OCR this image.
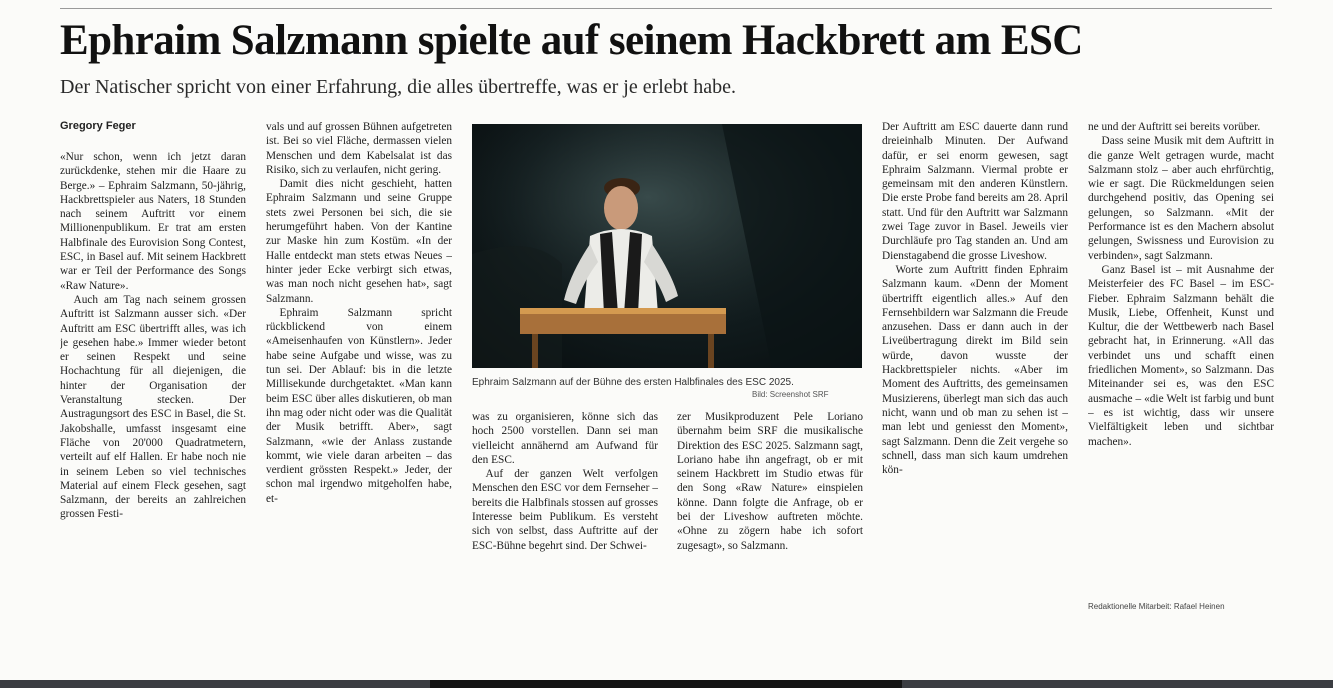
Ephraim Salzmann spielte auf seinem Hackbrett am ESC

Der Natischer spricht von einer Erfahrung, die alles übertreffe, was er je erlebt habe.

Gregory Feger

«Nur schon, wenn ich jetzt daran zurückdenke, stehen mir die Haare zu Berge.» – Ephraim Salzmann, 50-jährig, Hackbrettspieler aus Naters, 18 Stunden nach seinem Auftritt vor einem Millionenpublikum. Er trat am ersten Halbfinale des Eurovision Song Contest, ESC, in Basel auf. Mit seinem Hackbrett war er Teil der Performance des Songs «Raw Nature».

Auch am Tag nach seinem grossen Auftritt ist Salzmann ausser sich. «Der Auftritt am ESC übertrifft alles, was ich je gesehen habe.» Immer wieder betont er seinen Respekt und seine Hochachtung für all diejenigen, die hinter der Organisation der Veranstaltung stecken. Der Austragungsort des ESC in Basel, die St. Jakobshalle, umfasst insgesamt eine Fläche von 20'000 Quadratmetern, verteilt auf elf Hallen. Er habe noch nie in seinem Leben so viel technisches Material auf einem Fleck gesehen, sagt Salzmann, der bereits an zahlreichen grossen Festi-

vals und auf grossen Bühnen aufgetreten ist. Bei so viel Fläche, dermassen vielen Menschen und dem Kabelsalat ist das Risiko, sich zu verlaufen, nicht gering.

Damit dies nicht geschieht, hatten Ephraim Salzmann und seine Gruppe stets zwei Personen bei sich, die sie herumgeführt haben. Von der Kantine zur Maske hin zum Kostüm. «In der Halle entdeckt man stets etwas Neues – hinter jeder Ecke verbirgt sich etwas, was man noch nicht gesehen hat», sagt Salzmann.

Ephraim Salzmann spricht rückblickend von einem «Ameisenhaufen von Künstlern». Jeder habe seine Aufgabe und wisse, was zu tun sei. Der Ablauf: bis in die letzte Millisekunde durchgetaktet. «Man kann beim ESC über alles diskutieren, ob man ihn mag oder nicht oder was die Qualität der Musik betrifft. Aber», sagt Salzmann, «wie der Anlass zustande kommt, wie viele daran arbeiten – das verdient grössten Respekt.» Jeder, der schon mal irgendwo mitgeholfen habe, et-

Ephraim Salzmann auf der Bühne des ersten Halbfinales des ESC 2025.
Bild: Screenshot SRF

was zu organisieren, könne sich das hoch 2500 vorstellen. Dann sei man vielleicht annähernd am Aufwand für den ESC.

Auf der ganzen Welt verfolgen Menschen den ESC vor dem Fernseher – bereits die Halbfinals stossen auf grosses Interesse beim Publikum. Es versteht sich von selbst, dass Auftritte auf der ESC-Bühne begehrt sind. Der Schwei-

zer Musikproduzent Pele Loriano übernahm beim SRF die musikalische Direktion des ESC 2025. Salzmann sagt, Loriano habe ihn angefragt, ob er mit seinem Hackbrett im Studio etwas für den Song «Raw Nature» einspielen könne. Dann folgte die Anfrage, ob er bei der Liveshow auftreten möchte. «Ohne zu zögern habe ich sofort zugesagt», so Salzmann.

Der Auftritt am ESC dauerte dann rund dreieinhalb Minuten. Der Aufwand dafür, er sei enorm gewesen, sagt Ephraim Salzmann. Viermal probte er gemeinsam mit den anderen Künstlern. Die erste Probe fand bereits am 28. April statt. Und für den Auftritt war Salzmann zwei Tage zuvor in Basel. Jeweils vier Durchläufe pro Tag standen an. Und am Dienstagabend die grosse Liveshow.

Worte zum Auftritt finden Ephraim Salzmann kaum. «Denn der Moment übertrifft eigentlich alles.» Auf den Fernsehbildern war Salzmann die Freude anzusehen. Dass er dann auch in der Liveübertragung direkt im Bild sein würde, davon wusste der Hackbrettspieler nichts. «Aber im Moment des Auftritts, des gemeinsamen Musizierens, überlegt man sich das auch nicht, wann und ob man zu sehen ist – man lebt und geniesst den Moment», sagt Salzmann. Denn die Zeit vergehe so schnell, dass man sich kaum umdrehen kön-

ne und der Auftritt sei bereits vorüber.

Dass seine Musik mit dem Auftritt in die ganze Welt getragen wurde, macht Salzmann stolz – aber auch ehrfürchtig, wie er sagt. Die Rückmeldungen seien durchgehend positiv, das Opening sei gelungen, so Salzmann. «Mit der Performance ist es den Machern absolut gelungen, Swissness und Eurovision zu verbinden», sagt Salzmann.

Ganz Basel ist – mit Ausnahme der Meisterfeier des FC Basel – im ESC-Fieber. Ephraim Salzmann behält die Musik, Liebe, Offenheit, Kunst und Kultur, die der Wettbewerb nach Basel gebracht hat, in Erinnerung. «All das verbindet uns und schafft einen friedlichen Moment», so Salzmann. Das Miteinander sei es, was den ESC ausmache – «die Welt ist farbig und bunt – es ist wichtig, dass wir unsere Vielfältigkeit leben und sichtbar machen».

Redaktionelle Mitarbeit: Rafael Heinen
